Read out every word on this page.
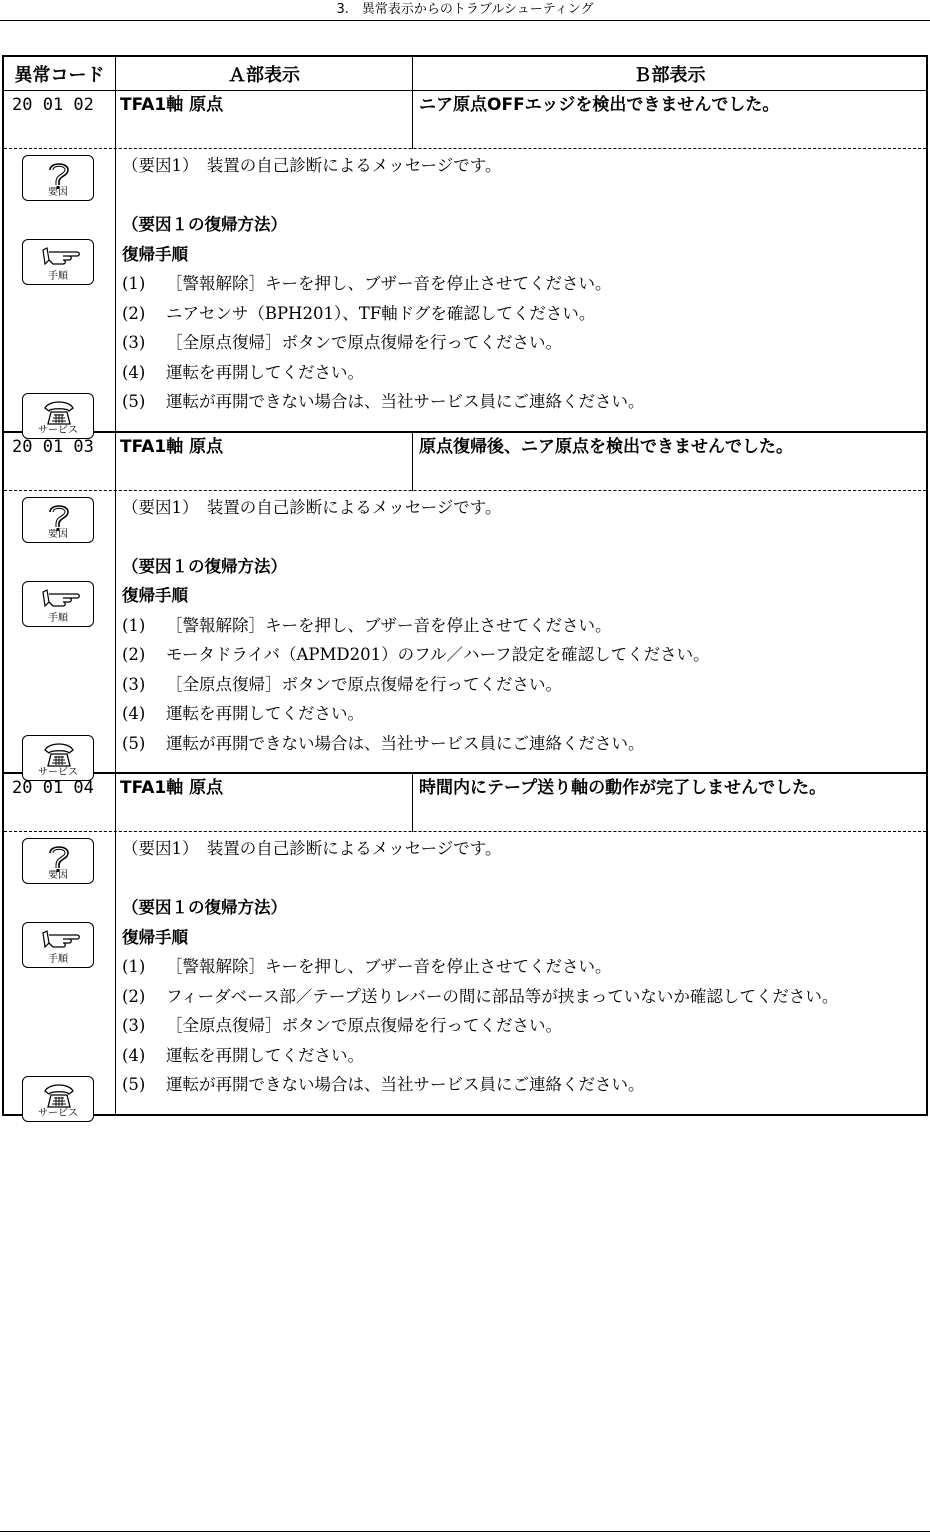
3.　異常表示からのトラブルシューティング
異常コード	Ａ部表示	Ｂ部表示
20 01 02	TFA1軸 原点	ニア原点OFFエッジを検出できませんでした。
要因
手順
サービス
（要因1）　装置の自己診断によるメッセージです。
（要因１の復帰方法）
復帰手順
(1)	［警報解除］キーを押し、ブザー音を停止させてください。
(2)	ニアセンサ（BPH201）、TF軸ドグを確認してください。
(3)	［全原点復帰］ボタンで原点復帰を行ってください。
(4)	運転を再開してください。
(5)	運転が再開できない場合は、当社サービス員にご連絡ください。
20 01 03	TFA1軸 原点	原点復帰後、ニア原点を検出できませんでした。
要因
手順
サービス
（要因1）　装置の自己診断によるメッセージです。
（要因１の復帰方法）
復帰手順
(1)	［警報解除］キーを押し、ブザー音を停止させてください。
(2)	モータドライバ（APMD201）のフル／ハーフ設定を確認してください。
(3)	［全原点復帰］ボタンで原点復帰を行ってください。
(4)	運転を再開してください。
(5)	運転が再開できない場合は、当社サービス員にご連絡ください。
20 01 04	TFA1軸 原点	時間内にテープ送り軸の動作が完了しませんでした。
要因
手順
サービス
（要因1）　装置の自己診断によるメッセージです。
（要因１の復帰方法）
復帰手順
(1)	［警報解除］キーを押し、ブザー音を停止させてください。
(2)	フィーダベース部／テープ送りレバーの間に部品等が挟まっていないか確認してください。
(3)	［全原点復帰］ボタンで原点復帰を行ってください。
(4)	運転を再開してください。
(5)	運転が再開できない場合は、当社サービス員にご連絡ください。
